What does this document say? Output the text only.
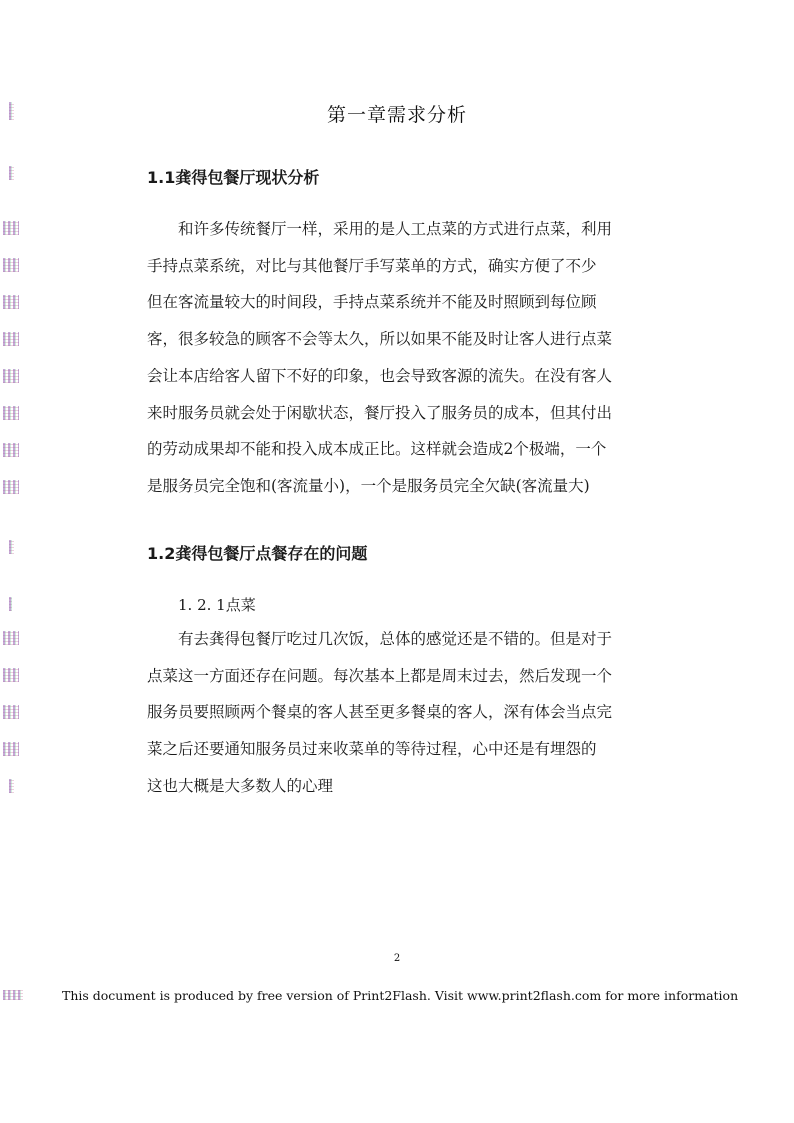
第一章需求分析
1.1龚得包餐厅现状分析

　　和许多传统餐厅一样，采用的是人工点菜的方式进行点菜，利用
手持点菜系统，对比与其他餐厅手写菜单的方式，确实方便了不少
但在客流量较大的时间段，手持点菜系统并不能及时照顾到每位顾
客，很多较急的顾客不会等太久，所以如果不能及时让客人进行点菜
会让本店给客人留下不好的印象，也会导致客源的流失。在没有客人
来时服务员就会处于闲歇状态，餐厅投入了服务员的成本，但其付出
的劳动成果却不能和投入成本成正比。这样就会造成2个极端，一个
是服务员完全饱和(客流量小)，一个是服务员完全欠缺(客流量大)

1.2龚得包餐厅点餐存在的问题
1. 2. 1点菜

　　有去龚得包餐厅吃过几次饭，总体的感觉还是不错的。但是对于
点菜这一方面还存在问题。每次基本上都是周末过去，然后发现一个
服务员要照顾两个餐桌的客人甚至更多餐桌的客人，深有体会当点完
菜之后还要通知服务员过来收菜单的等待过程，心中还是有埋怨的
这也大概是大多数人的心理

2
This document is produced by free version of Print2Flash. Visit www.print2flash.com for more information
